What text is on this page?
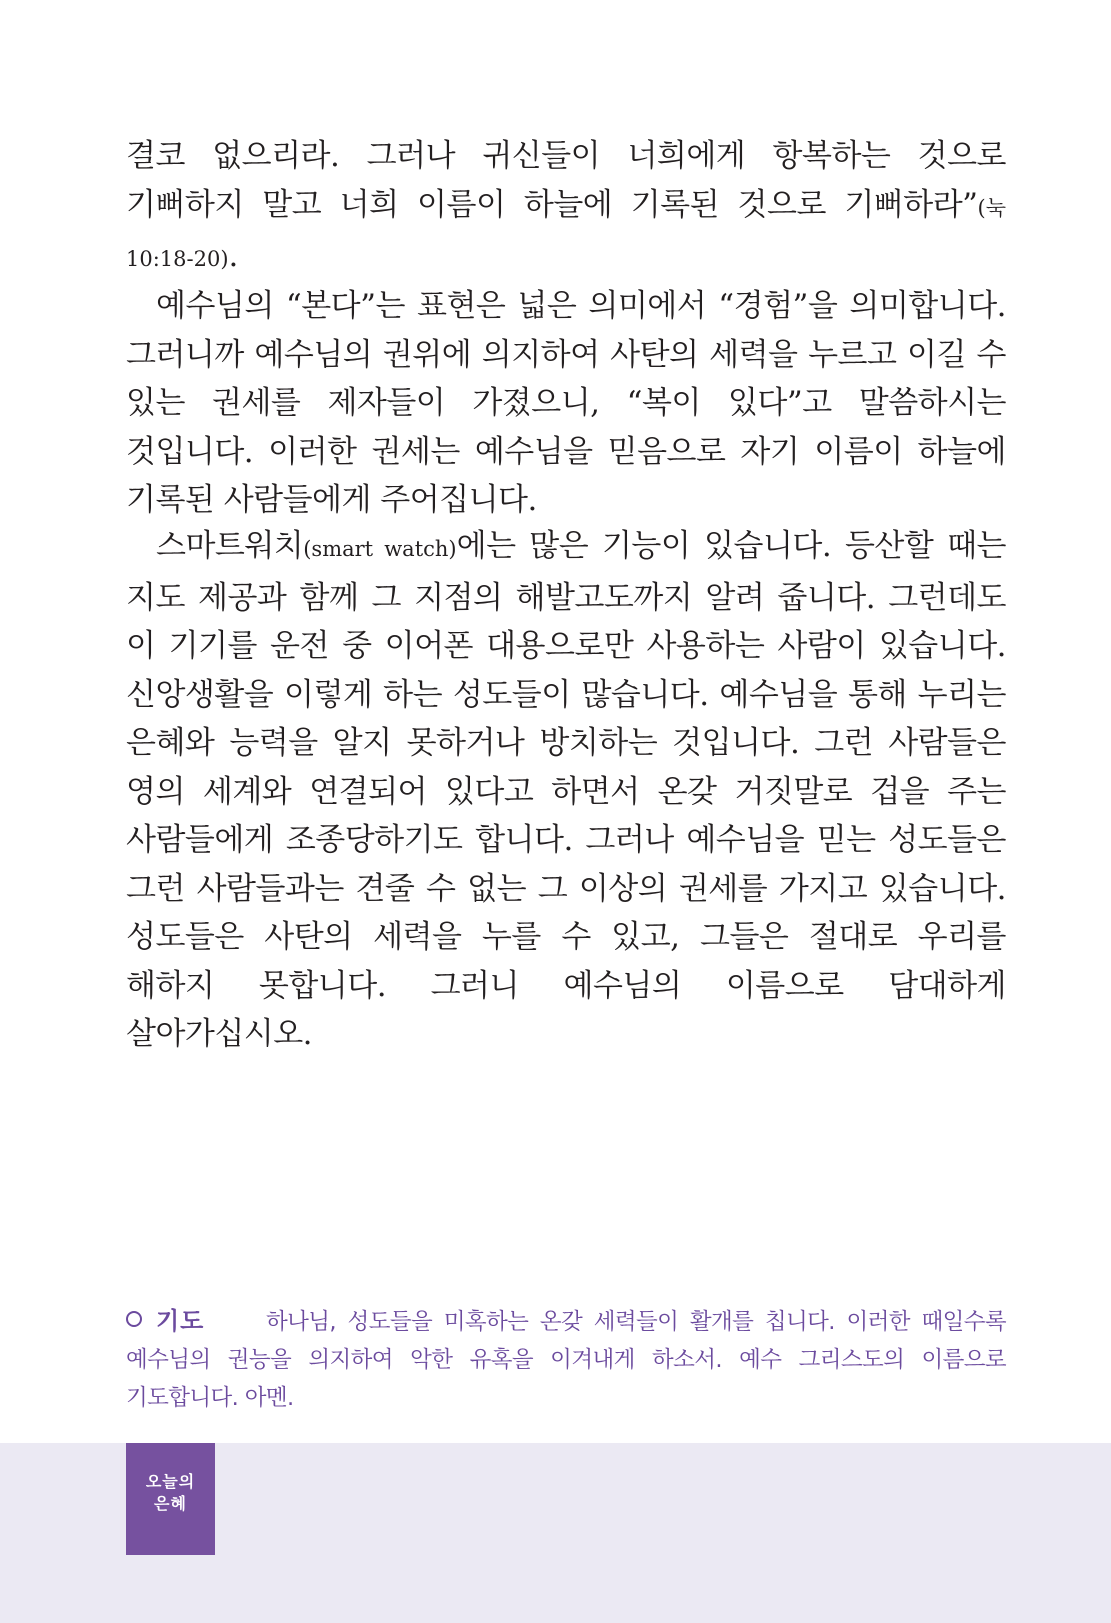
결코 없으리라. 그러나 귀신들이 너희에게 항복하는 것으로 기뻐하지 말고 너희 이름이 하늘에 기록된 것으로 기뻐하라”(눅 10:18-20).
예수님의 “본다”는 표현은 넓은 의미에서 “경험”을 의미합니다. 그러니까 예수님의 권위에 의지하여 사탄의 세력을 누르고 이길 수 있는 권세를 제자들이 가졌으니, “복이 있다”고 말씀하시는 것입니다. 이러한 권세는 예수님을 믿음으로 자기 이름이 하늘에 기록된 사람들에게 주어집니다.
스마트워치(smart watch)에는 많은 기능이 있습니다. 등산할 때는 지도 제공과 함께 그 지점의 해발고도까지 알려 줍니다. 그런데도 이 기기를 운전 중 이어폰 대용으로만 사용하는 사람이 있습니다. 신앙생활을 이렇게 하는 성도들이 많습니다. 예수님을 통해 누리는 은혜와 능력을 알지 못하거나 방치하는 것입니다. 그런 사람들은 영의 세계와 연결되어 있다고 하면서 온갖 거짓말로 겁을 주는 사람들에게 조종당하기도 합니다. 그러나 예수님을 믿는 성도들은 그런 사람들과는 견줄 수 없는 그 이상의 권세를 가지고 있습니다. 성도들은 사탄의 세력을 누를 수 있고, 그들은 절대로 우리를 해하지 못합니다. 그러니 예수님의 이름으로 담대하게 살아가십시오.
기도	하나님, 성도들을 미혹하는 온갖 세력들이 활개를 칩니다. 이러한 때일수록 예수님의 권능을 의지하여 악한 유혹을 이겨내게 하소서. 예수 그리스도의 이름으로 기도합니다. 아멘.
오늘의
은혜
